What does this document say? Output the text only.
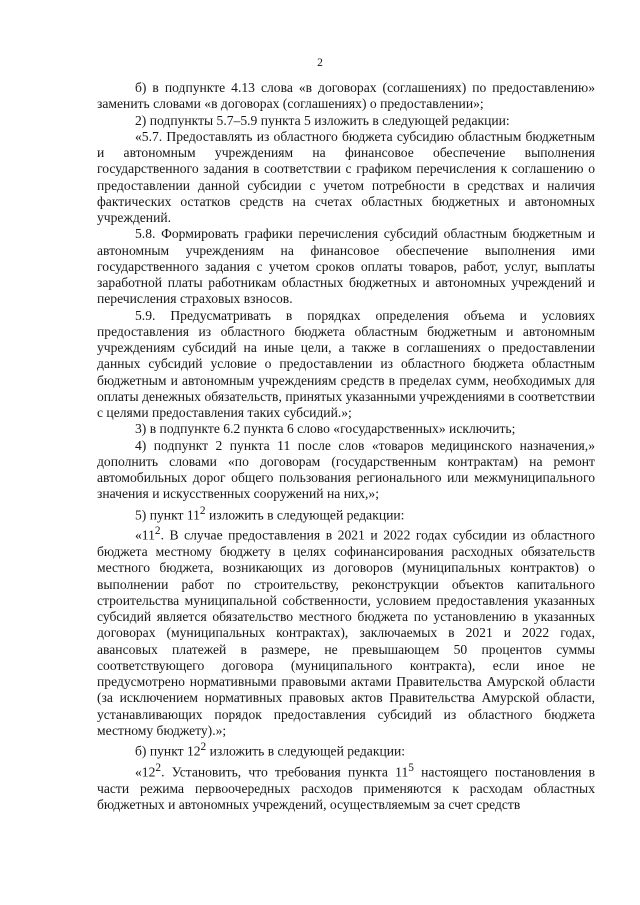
2

б) в подпункте 4.13 слова «в договорах (соглашениях) по предоставлению» заменить словами «в договорах (соглашениях) о предоставлении»;

2) подпункты 5.7–5.9 пункта 5 изложить в следующей редакции:

«5.7. Предоставлять из областного бюджета субсидию областным бюджетным и автономным учреждениям на финансовое обеспечение выполнения государственного задания в соответствии с графиком перечисления к соглашению о предоставлении данной субсидии с учетом потребности в средствах и наличия фактических остатков средств на счетах областных бюджетных и автономных учреждений.

5.8. Формировать графики перечисления субсидий областным бюджетным и автономным учреждениям на финансовое обеспечение выполнения ими государственного задания с учетом сроков оплаты товаров, работ, услуг, выплаты заработной платы работникам областных бюджетных и автономных учреждений и перечисления страховых взносов.

5.9. Предусматривать в порядках определения объема и условиях предоставления из областного бюджета областным бюджетным и автономным учреждениям субсидий на иные цели, а также в соглашениях о предоставлении данных субсидий условие о предоставлении из областного бюджета областным бюджетным и автономным учреждениям средств в пределах сумм, необходимых для оплаты денежных обязательств, принятых указанными учреждениями в соответствии с целями предоставления таких субсидий.»;

3) в подпункте 6.2 пункта 6 слово «государственных» исключить;

4) подпункт 2 пункта 11 после слов «товаров медицинского назначения,» дополнить словами «по договорам (государственным контрактам) на ремонт автомобильных дорог общего пользования регионального или межмуниципального значения и искусственных сооружений на них,»;

5) пункт $11^2$ изложить в следующей редакции:

«$11^2$. В случае предоставления в 2021 и 2022 годах субсидии из областного бюджета местному бюджету в целях софинансирования расходных обязательств местного бюджета, возникающих из договоров (муниципальных контрактов) о выполнении работ по строительству, реконструкции объектов капитального строительства муниципальной собственности, условием предоставления указанных субсидий является обязательство местного бюджета по установлению в указанных договорах (муниципальных контрактах), заключаемых в 2021 и 2022 годах, авансовых платежей в размере, не превышающем 50 процентов суммы соответствующего договора (муниципального контракта), если иное не предусмотрено нормативными правовыми актами Правительства Амурской области (за исключением нормативных правовых актов Правительства Амурской области, устанавливающих порядок предоставления субсидий из областного бюджета местному бюджету).»;

б) пункт $12^2$ изложить в следующей редакции:

«$12^2$. Установить, что требования пункта $11^5$ настоящего постановления в части режима первоочередных расходов применяются к расходам областных бюджетных и автономных учреждений, осуществляемым за счет средств
